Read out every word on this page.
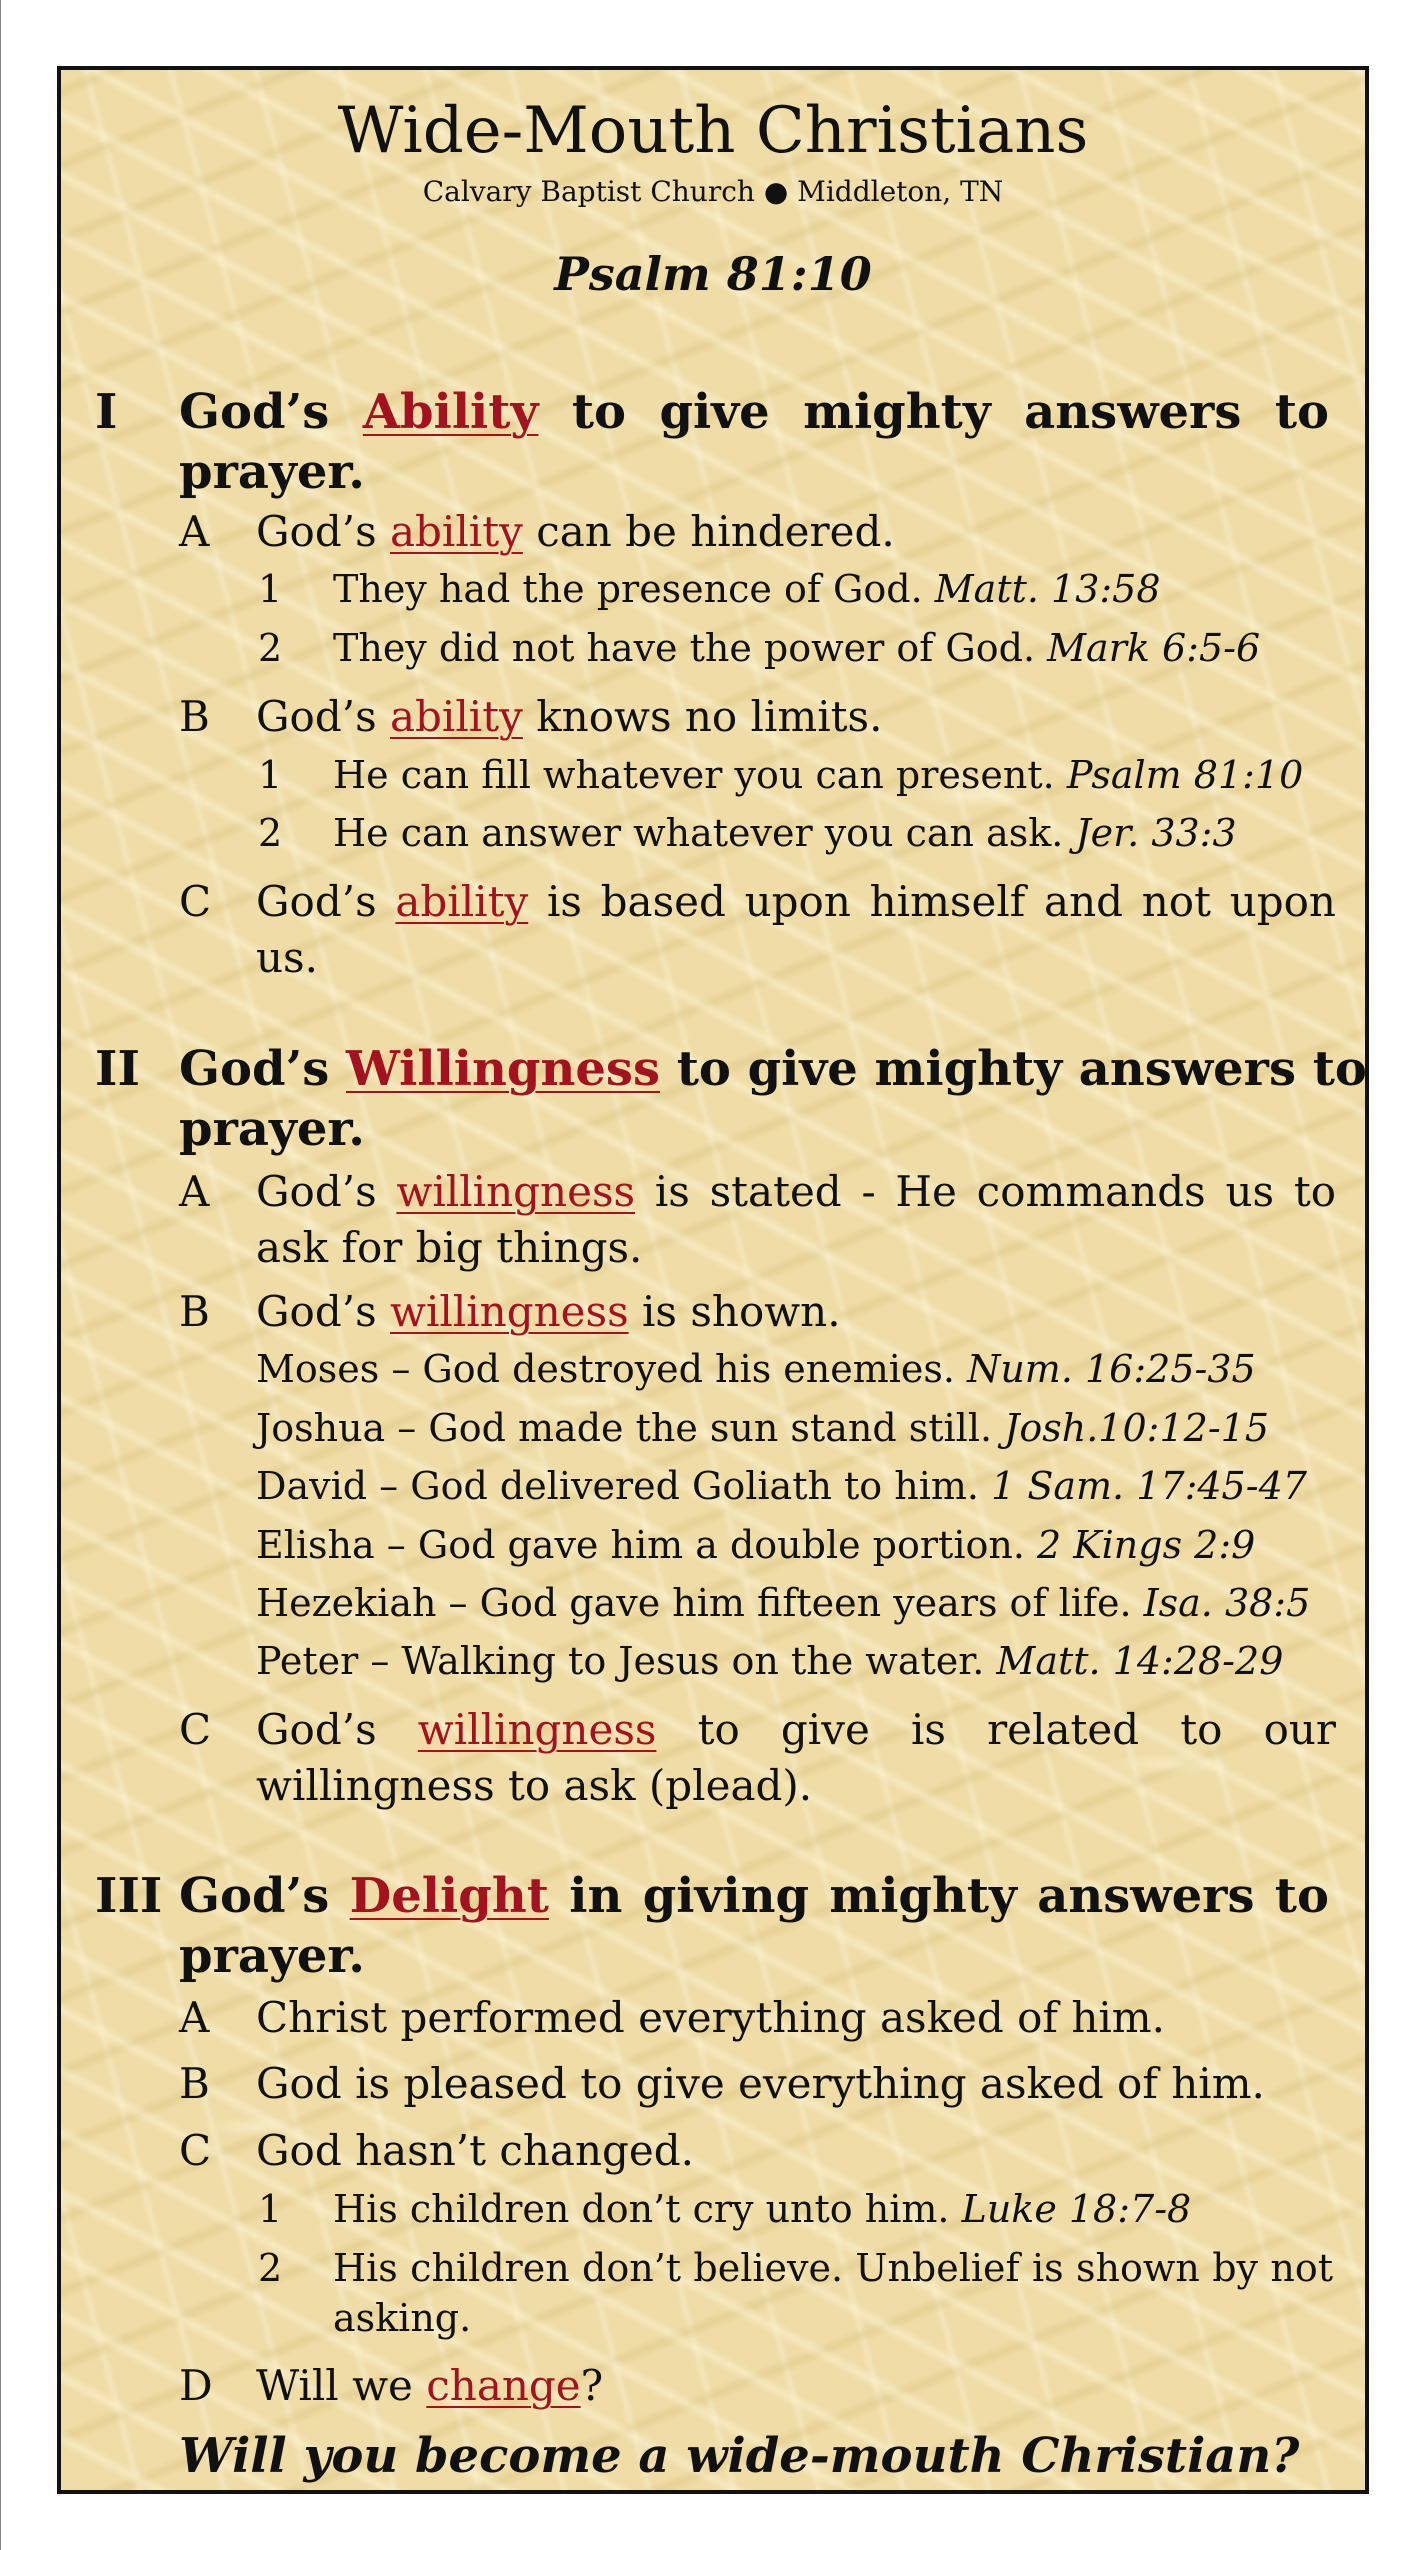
Wide-Mouth Christians
Calvary Baptist Church ● Middleton, TN
Psalm 81:10
I God’s Ability to give mighty answers to
prayer.
A God’s ability can be hindered.
1 They had the presence of God. Matt. 13:58
2 They did not have the power of God. Mark 6:5-6
B God’s ability knows no limits.
1 He can fill whatever you can present. Psalm 81:10
2 He can answer whatever you can ask. Jer. 33:3
C God’s ability is based upon himself and not upon
us.
II God’s Willingness to give mighty answers to
prayer.
A God’s willingness is stated - He commands us to
ask for big things.
B God’s willingness is shown.
Moses – God destroyed his enemies. Num. 16:25-35
Joshua – God made the sun stand still. Josh.10:12-15
David – God delivered Goliath to him. 1 Sam. 17:45-47
Elisha – God gave him a double portion. 2 Kings 2:9
Hezekiah – God gave him fifteen years of life. Isa. 38:5
Peter – Walking to Jesus on the water. Matt. 14:28-29
C God’s willingness to give is related to our
willingness to ask (plead).
III God’s Delight in giving mighty answers to
prayer.
A Christ performed everything asked of him.
B God is pleased to give everything asked of him.
C God hasn’t changed.
1 His children don’t cry unto him. Luke 18:7-8
2 His children don’t believe. Unbelief is shown by not
asking.
D Will we change?
Will you become a wide-mouth Christian?
